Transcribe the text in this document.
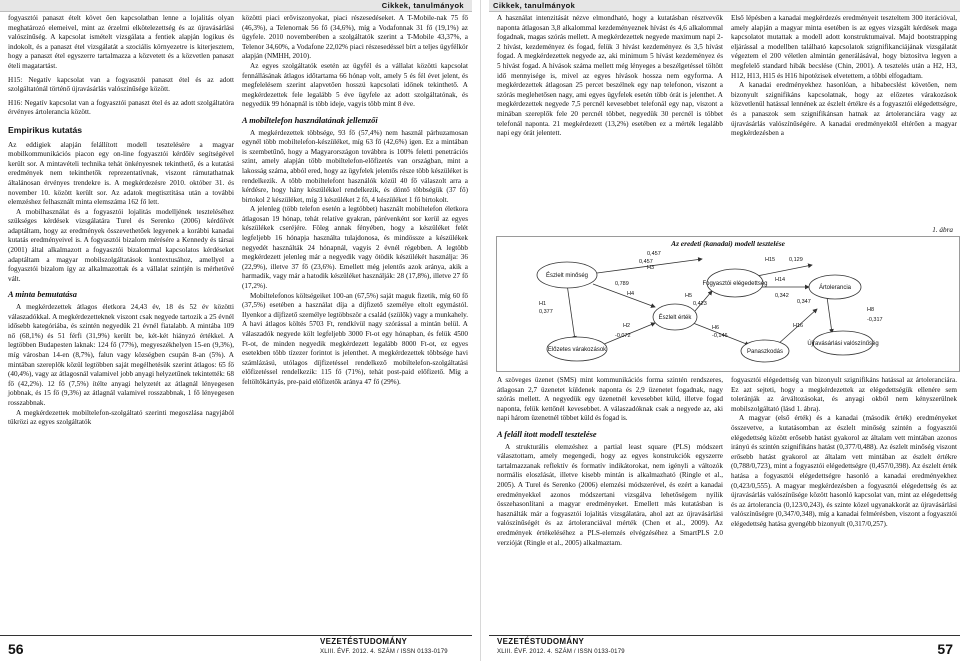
Cikkek, tanulmányok

fogyasztói panaszt ételt követ ően kapcsolatban lenne a lojalitás olyan meghatározó elemeivel, mint az érzelmi elkötelezettség és az újravásárlási valószínűség. A kapcsolat ismételt vizsgálata a fentiek alapján logikus és indokolt, és a panaszt étel vizsgálatát a szociális környezetre is kiterjesztem, hogy a panaszt étel egyszerre tartalmazza a közvetett és a közvetlen panaszt ételi magatartást.

H15: Negatív kapcsolat van a fogyasztói panaszt étel és az adott szolgáltatónál történő újravásárlás valószínűsége között.

H16: Negatív kapcsolat van a fogyasztói panaszt étel és az adott szolgáltatóra érvényes ártolerancia között.

Empirikus kutatás

Az eddigiek alapján felállított modell tesztelésére a magyar mobilkommunikációs piacon egy on-line fogyasztói kérdőív segítségével került sor. A mintavételi technika tehát önkényesnek tekinthető, és a kutatási eredmények nem tekinthetők reprezentatívnak, viszont rámutathatnak általánosan érvényes trendekre is. A megkérdezésre 2010. október 31. és november 10. között került sor. Az adatok megtisztítása után a további elemzéshez felhasznált minta elemszáma 162 fő lett.

A mobilhasználat és a fogyasztói lojalitás modelljének teszteléséhez szükséges kérdések vizsgálatára Turel és Serenko (2006) kérdőívét adaptáltam, hogy az eredmények összevethetőek legyenek a korábbi kanadai kutatás eredményeivel is. A fogyasztói bizalom mérésére a Kennedy és társai (2001) által alkalmazott a fogyasztói bizalommal kapcsolatos kérdéseket adaptáltam a magyar mobilszolgáltatások kontextusához, amellyel a fogyasztói bizalom így az alkalmazottak és a vállalat szintjén is mérhetővé vált.

A minta bemutatása

A megkérdezettek átlagos életkora 24,43 év, 18 és 52 év közötti válaszadókkal. A megkérdezetteknek viszont csak negyede tartozik a 25 évnél idősebb kategóriába, és szintén negyedük 21 évnél fiatalabb. A mintába 109 nő (68,1%) és 51 férfi (31,9%) került be, két-két hiányzó értékkel. A legtöbben Budapesten laknak: 124 fő (77%), megyeszékhelyen 15-en (9,3%), míg városban 14-en (8,7%), falun vagy községben csupán 8-an (5%). A mintában szereplők közül legtöbben saját megélhetésük szerint átlagos: 65 fő (40,4%), vagy az átlagosnál valamivel jobb anyagi helyzetűnek tekintették: 68 fő (42,2%). 12 fő (7,5%) ítélte anyagi helyzetét az átlagnál lényegesen jobbnak, és 15 fő (9,3%) az átlagnál valamivel rosszabbnak, 1 fő lényegesen rosszabbnak.

A megkérdezettek mobiltelefon-szolgáltató szerinti megoszlása nagyjából tükrözi az egyes szolgáltatók

közötti piaci erőviszonyokat, piaci részesedéseket. A T-Mobile-nak 75 fő (46,3%), a Telenornak 56 fő (34,6%), míg a Vodafonnak 31 fő (19,1%) az ügyfele. 2010 novemberében a szolgáltatók szerint a T-Mobile 43,37%, a Telenor 34,60%, a Vodafone 22,02% piaci részesedéssel bírt a teljes ügyfélkör alapján (NMHH, 2010).

Az egyes szolgáltatók esetén az ügyfél és a vállalat közötti kapcsolat fennállásának átlagos időtartama 66 hónap volt, amely 5 és fél évet jelent, és megfelelésem szerint alapvetően hosszú kapcsolati időnek tekinthető. A megkérdezettek fele legalább 5 éve ügyfele az adott szolgáltatónak, és negyedük 99 hónapnál is több ideje, vagyis több mint 8 éve.

A mobiltelefon használatának jellemzői

A megkérdezettek többsége, 93 fő (57,4%) nem használ párhuzamosan egynél több mobiltelefon-készüléket, míg 63 fő (42,6%) igen. Ez a mintában is szembetűnő, hogy a Magyarországon továbbra is 100% feletti penetrációs szint, amely alapján több mobiltelefon-előfizetés van országban, mint a lakosság száma, abból ered, hogy az ügyfelek jelentős része több készüléket is rendelkezik. A több mobiltelefont használók közül 40 fő válaszolt arra a kérdésre, hogy hány készülékkel rendelkezik, és döntő többségük (37 fő) birtokol 2 készüléket, míg 3 készüléket 2 fő, 4 készüléket 1 fő birtokolt.

A jelenleg (több telefon esetén a legtöbbet) használt mobiltelefon életkora átlagosan 19 hónap, tehát relatíve gyakran, párévenként sor kerül az egyes készülékek cseréjére. Föleg annak fényében, hogy a készüléket felét legfeljebb 16 hónapja használta tulajdonosa, és mindössze a készülékek negyedét használták 24 hónapnál, vagyis 2 évnél régebben. A legtöbb megkérdezett jelenleg már a negyedik vagy ötödik készülékét használja: 36 (22,9%), illetve 37 fő (23,6%). Emellett még jelentős azok aránya, akik a harmadik, vagy már a hatodik készüléket használják: 28 (17,8%), illetve 27 fő (17,2%).

Mobiltelefonos költségeiket 100-an (67,5%) saját maguk fizetik, míg 60 fő (37,5%) esetében a használat díja a díjfizető személye eltolt egymástól. Ilyenkor a díjfizető személye legtöbbször a család (szülők) vagy a munkahely. A havi átlagos költés 5703 Ft, rendkívül nagy szórással a mintán belül. A válaszadók negyede költ legfeljebb 3000 Ft-ot egy hónapban, és felük 4500 Ft-ot, de minden negyedik megkérdezett legalább 8000 Ft-ot, ez egyes esetekben több tízezer forintot is jelenthet. A megkérdezettek többsége havi számlázású, utólagos díjfizetéssel rendelkező mobiltelefon-szolgáltatási előfizetéssel rendelkezik: 115 fő (71%), tehát post-paid előfizető. Míg a feltöltőkártyás, pre-paid előfizetők aránya 47 fő (29%).

56	VEZETÉSTUDOMÁNY
XLIII. ÉVF. 2012. 4. SZÁM / ISSN 0133-0179
Cikkek, tanulmányok

A használat intenzitását nézve elmondható, hogy a kutatásban résztvevők naponta átlagosan 3,8 alkalommal kezdeményeznek hívást és 4,6 alkalommal fogadnak, magas szórás mellett. A megkérdezettek negyede maximum napi 2-2 hívást, kezdeményez és fogad, felük 3 hívást kezdeményez és 3,5 hívást fogad. A megkérdezettek negyede az, aki minimum 5 hívást kezdeményez és 5 hívást fogad. A hívások száma mellett még lényeges a beszélgetéssel töltött idő mennyisége is, mivel az egyes hívások hossza nem egyforma. A megkérdezettek átlagosan 25 percet beszélnek egy nap telefonon, viszont a szórás meglehetősen nagy, ami egyes ügyfelek esetén több órát is jelenthet. A megkérdezettek negyede 7,5 percnél kevesebbet telefonál egy nap, viszont a minában szereplők fele 20 percnél többet, negyedük 30 percnél is többet telefonál naponta. 21 megkérdezett (13,2%) esetében ez a mérték legalább napi egy órát jelentett.

Első lépésben a kanadai megkérdezés eredményeit teszteltem 300 iterációval, amely alapján a magyar minta esetében is az egyes vizsgált kérdések maga kapcsolatot mutattak a modell adott konstruktumaival. Majd bootstrapping eljárással a modellben található kapcsolatok szignifikanciájának vizsgálatát végeztem el 200 véletlen almintán generálásával, hogy biztosítva legyen a megfelelő standard hibák becslése (Chin, 2001). A tesztelés után a H2, H3, H12, H13, H15 és H16 hipotézisek elvetettem, a többi elfogadtam.

A kanadai eredményekhez hasonlóan, a hibabecslést követően, nem bizonyult szignifikáns kapcsolatnak, hogy az előzetes várakozások közvetlenül hatással lennének az észlelt értékre és a fogyasztói elégedettségre, és a panaszok sem szignifikánsan hatnak az ártoleranciára vagy az újravásárlás valószínűségére. A kanadai eredményektől eltérően a magyar megkérdezésben a

1. ábra

A szöveges üzenet (SMS) mint kommunikációs forma szintén rendszeres, átlagosan 2,7 üzenetet küldenek naponta és 2,9 üzenetet fogadnak, nagy szórás mellett. A negyedük egy üzenetnél kevesebbet küld, illetve fogad naponta, felük kettőnél kevesebbet. A válaszadóknak csak a negyede az, aki napi három üzenetnél többet küld és fogad is.

A feláll ított modell tesztelése

A strukturális elemzéshez a partial least square (PLS) módszert választottam, amely megengedi, hogy az egyes konstrukciók egyszerre tartalmazzanak reflektív és formatív indikátorokat, nem igényli a változók normális eloszlását, illetve kisebb mintán is alkalmazható (Ringle et al., 2005). A Turel és Serenko (2006) elemzési módszerével, és ezért a kanadai eredményekkel azonos módszertani vizsgálva lehetőségem nyílik összehasonlítani a magyar eredményeket. Emellett más kutatásban is használták már a fogyasztói lojalitás vizsgálatára, ahol azt az újravásárlási valószínűségét és az ártoleranciával mérték (Chen et al., 2009). Az eredmények értékeléséhez a PLS-elemzés elvégzéséhez a SmartPLS 2.0 verzióját (Ringle et al., 2005) alkalmaztam.

fogyasztói elégedettség van bizonyult szignifikáns hatással az ártoleranciára. Ez azt sejteti, hogy a megkérdezettek az elégedettségük ellenére sem toleránják az árváltozásokat, és anyagi okból nem kényszerülnek mobilszolgáltató (lásd 1. ábra).

A magyar (első érték) és a kanadai (második érték) eredményeket összevetve, a kutatásomban az észlelt minőség szintén a fogyasztói elégedettség között erősebb hatást gyakorol az általam vett mintában azonos irányú és szintén szignifikáns hatást (0,377/0,488). Az észlelt minőség viszont erősebb hatást gyakorol az általam vett mintában az észlelt értékre (0,788/0,723), mint a fogyasztói elégedettségre (0,457/0,398). Az észlelt érték hatása a fogyasztói elégedettségre hasonló a kanadai eredményekhez (0,423/0,555). A magyar megkérdezésben a fogyasztói elégedettség és az újravásárlás valószínűsége között hasonló kapcsolat van, mint az elégedettség és az ártolerancia (0,123/0,243), és szinte közel ugyanakkorát az újravásárlási valószínűségre (0,347/0,348), míg a kanadai felmérésben, viszont a fogyasztói elégedettség hatása gyengébb bizonyult (0,317/0,257).

VEZETÉSTUDOMÁNY
XLIII. ÉVF. 2012. 4. SZÁM / ISSN 0133-0179	57
Az eredeti (kanadai) modell tesztelése
Észlelt minőség
Előzetes várakozások
Észlelt érték
Fogyasztói elégedettség
Panaszkodás
Ártolerancia
Újravásárlási valószínűség
H1
0,377
0,457
H3
0,789
H4
H2
-0,072
H5
0,423
H6
-0,146
H14
0,342
H15	0,129
H16
-0,317
H8
0,347
0,457
